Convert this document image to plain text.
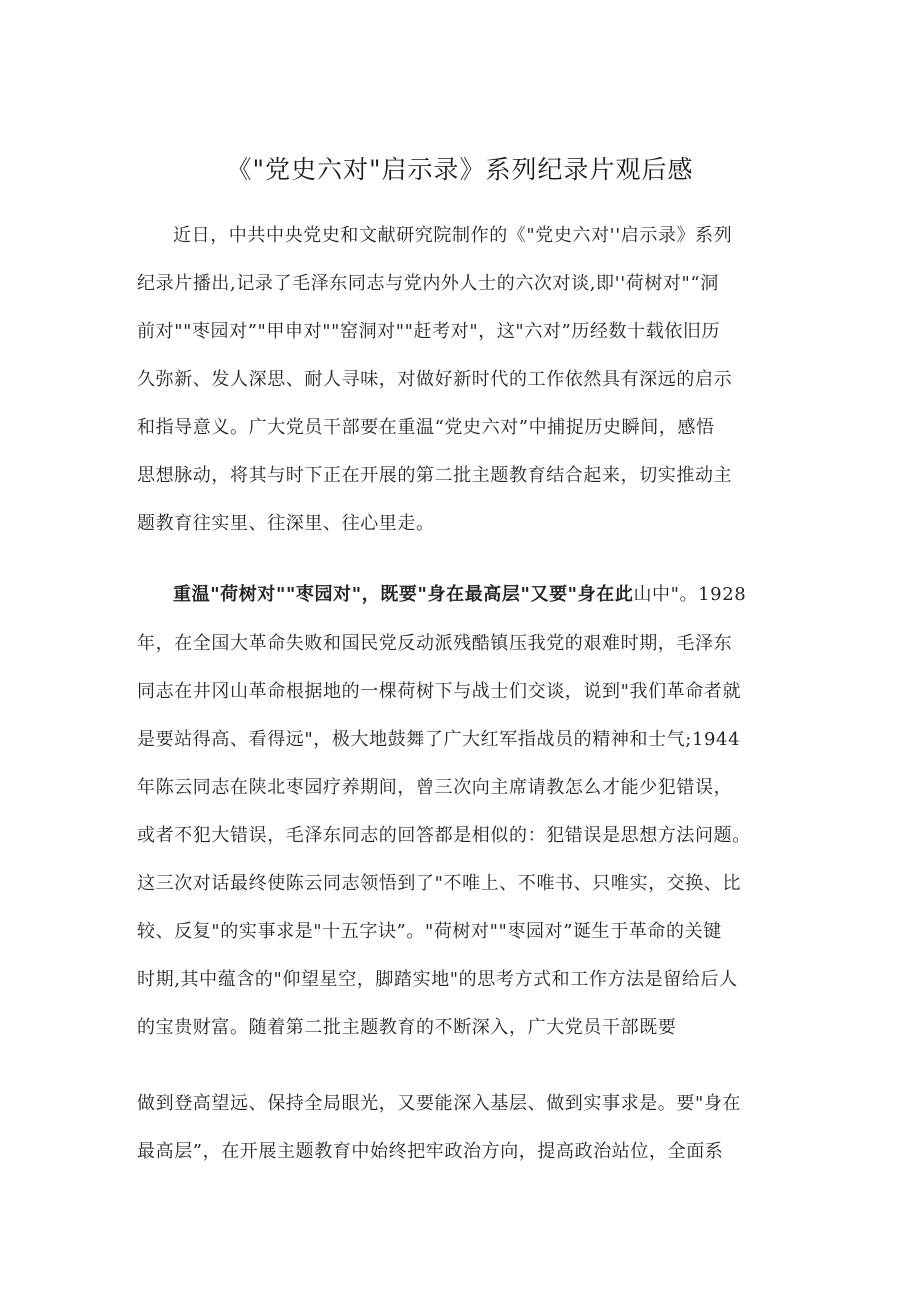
《"党史六对"启示录》系列纪录片观后感
近日，中共中央党史和文献研究院制作的《"党史六对''启示录》系列
纪录片播出,记录了毛泽东同志与党内外人士的六次对谈,即''荷树对"“洞
前对""枣园对”"甲申对""窑洞对""赶考对"，这"六对”历经数十载依旧历
久弥新、发人深思、耐人寻味，对做好新时代的工作依然具有深远的启示
和指导意义。广大党员干部要在重温“党史六对”中捕捉历史瞬间，感悟
思想脉动，将其与时下正在开展的第二批主题教育结合起来，切实推动主
题教育往实里、往深里、往心里走。
重温"荷树对""枣园对"，既要"身在最高层"又要"身在此山中"。1928
年，在全国大革命失败和国民党反动派残酷镇压我党的艰难时期，毛泽东
同志在井冈山革命根据地的一棵荷树下与战士们交谈，说到"我们革命者就
是要站得高、看得远"，极大地鼓舞了广大红军指战员的精神和士气;1944
年陈云同志在陕北枣园疗养期间，曾三次向主席请教怎么才能少犯错误，
或者不犯大错误，毛泽东同志的回答都是相似的：犯错误是思想方法问题。
这三次对话最终使陈云同志领悟到了"不唯上、不唯书、只唯实，交换、比
较、反复"的实事求是"十五字诀”。"荷树对""枣园对”诞生于革命的关键
时期,其中蕴含的"仰望星空，脚踏实地"的思考方式和工作方法是留给后人
的宝贵财富。随着第二批主题教育的不断深入，广大党员干部既要
做到登高望远、保持全局眼光，又要能深入基层、做到实事求是。要"身在
最高层”，在开展主题教育中始终把牢政治方向，提高政治站位，全面系
